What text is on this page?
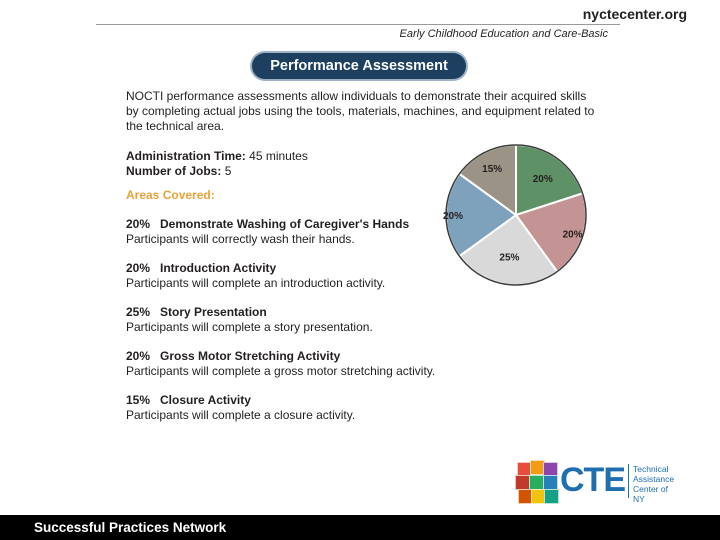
nyctecenter.org
Early Childhood Education and Care-Basic
Performance Assessment

NOCTI performance assessments allow individuals to demonstrate their acquired skills by completing actual jobs using the tools, materials, machines, and equipment related to the technical area.

Administration Time: 45 minutes

Number of Jobs: 5

Areas Covered:
20% Demonstrate Washing of Caregiver's Hands
Participants will correctly wash their hands.
20% Introduction Activity
Participants will complete an introduction activity.
25% Story Presentation
Participants will complete a story presentation.
20% Gross Motor Stretching Activity
Participants will complete a gross motor stretching activity.
15% Closure Activity
Participants will complete a closure activity.
20%
20%
25%
20%
15%
CTE Technical
Assistance
Center of NY
Successful Practices Network
